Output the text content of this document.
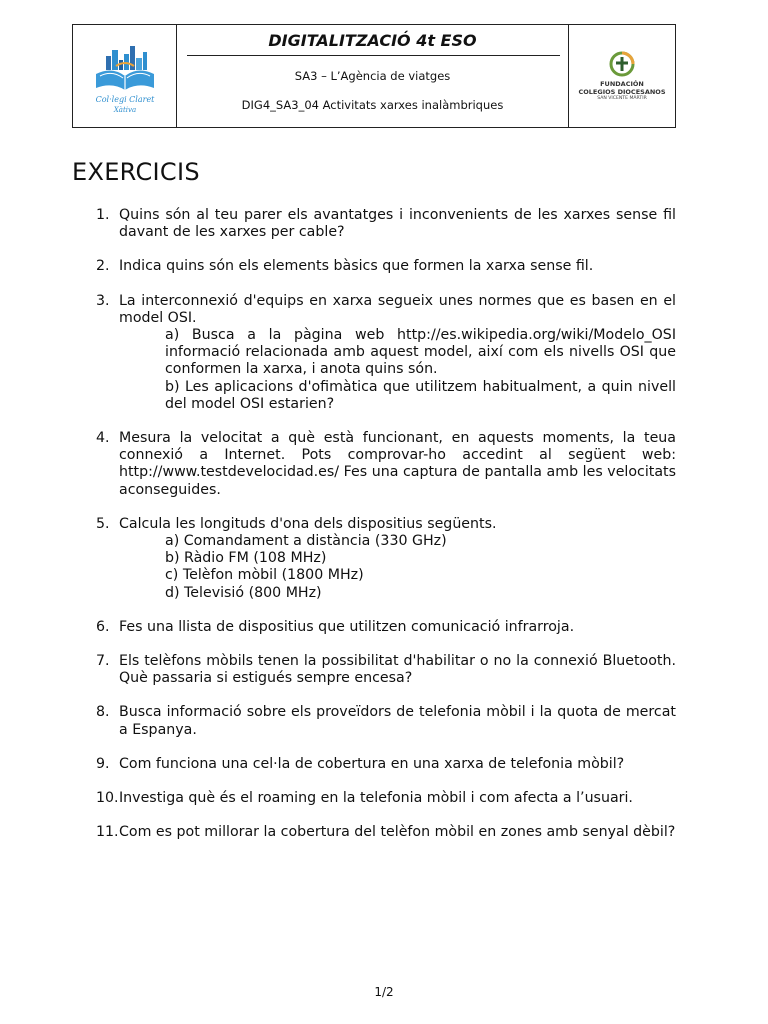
Col·legi Claret
Xàtiva
DIGITALITZACIÓ 4t ESO
SA3 – L’Agència de viatges
DIG4_SA3_04 Activitats xarxes inalàmbriques
FUNDACIÓN
COLEGIOS DIOCESANOS
SAN VICENTE MÁRTIR
EXERCICIS
1. Quins són al teu parer els avantatges i inconvenients de les xarxes sense fil davant de les xarxes per cable?
2. Indica quins són els elements bàsics que formen la xarxa sense fil.
3. La interconnexió d'equips en xarxa segueix unes normes que es basen en el model OSI.
a) Busca a la pàgina web http://es.wikipedia.org/wiki/Modelo_OSI informació relacionada amb aquest model, així com els nivells OSI que conformen la xarxa, i anota quins són.
b) Les aplicacions d'ofimàtica que utilitzem habitualment, a quin nivell del model OSI estarien?
4. Mesura la velocitat a què està funcionant, en aquests moments, la teua connexió a Internet. Pots comprovar-ho accedint al següent web: http://www.testdevelocidad.es/ Fes una captura de pantalla amb les velocitats aconseguides.
5. Calcula les longituds d'ona dels dispositius següents.
a) Comandament a distància (330 GHz)
b) Ràdio FM (108 MHz)
c) Telèfon mòbil (1800 MHz)
d) Televisió (800 MHz)
6. Fes una llista de dispositius que utilitzen comunicació infrarroja.
7. Els telèfons mòbils tenen la possibilitat d'habilitar o no la connexió Bluetooth. Què passaria si estigués sempre encesa?
8. Busca informació sobre els proveïdors de telefonia mòbil i la quota de mercat a Espanya.
9. Com funciona una cel·la de cobertura en una xarxa de telefonia mòbil?
10. Investiga què és el roaming en la telefonia mòbil i com afecta a l’usuari.
11. Com es pot millorar la cobertura del telèfon mòbil en zones amb senyal dèbil?
1/2
